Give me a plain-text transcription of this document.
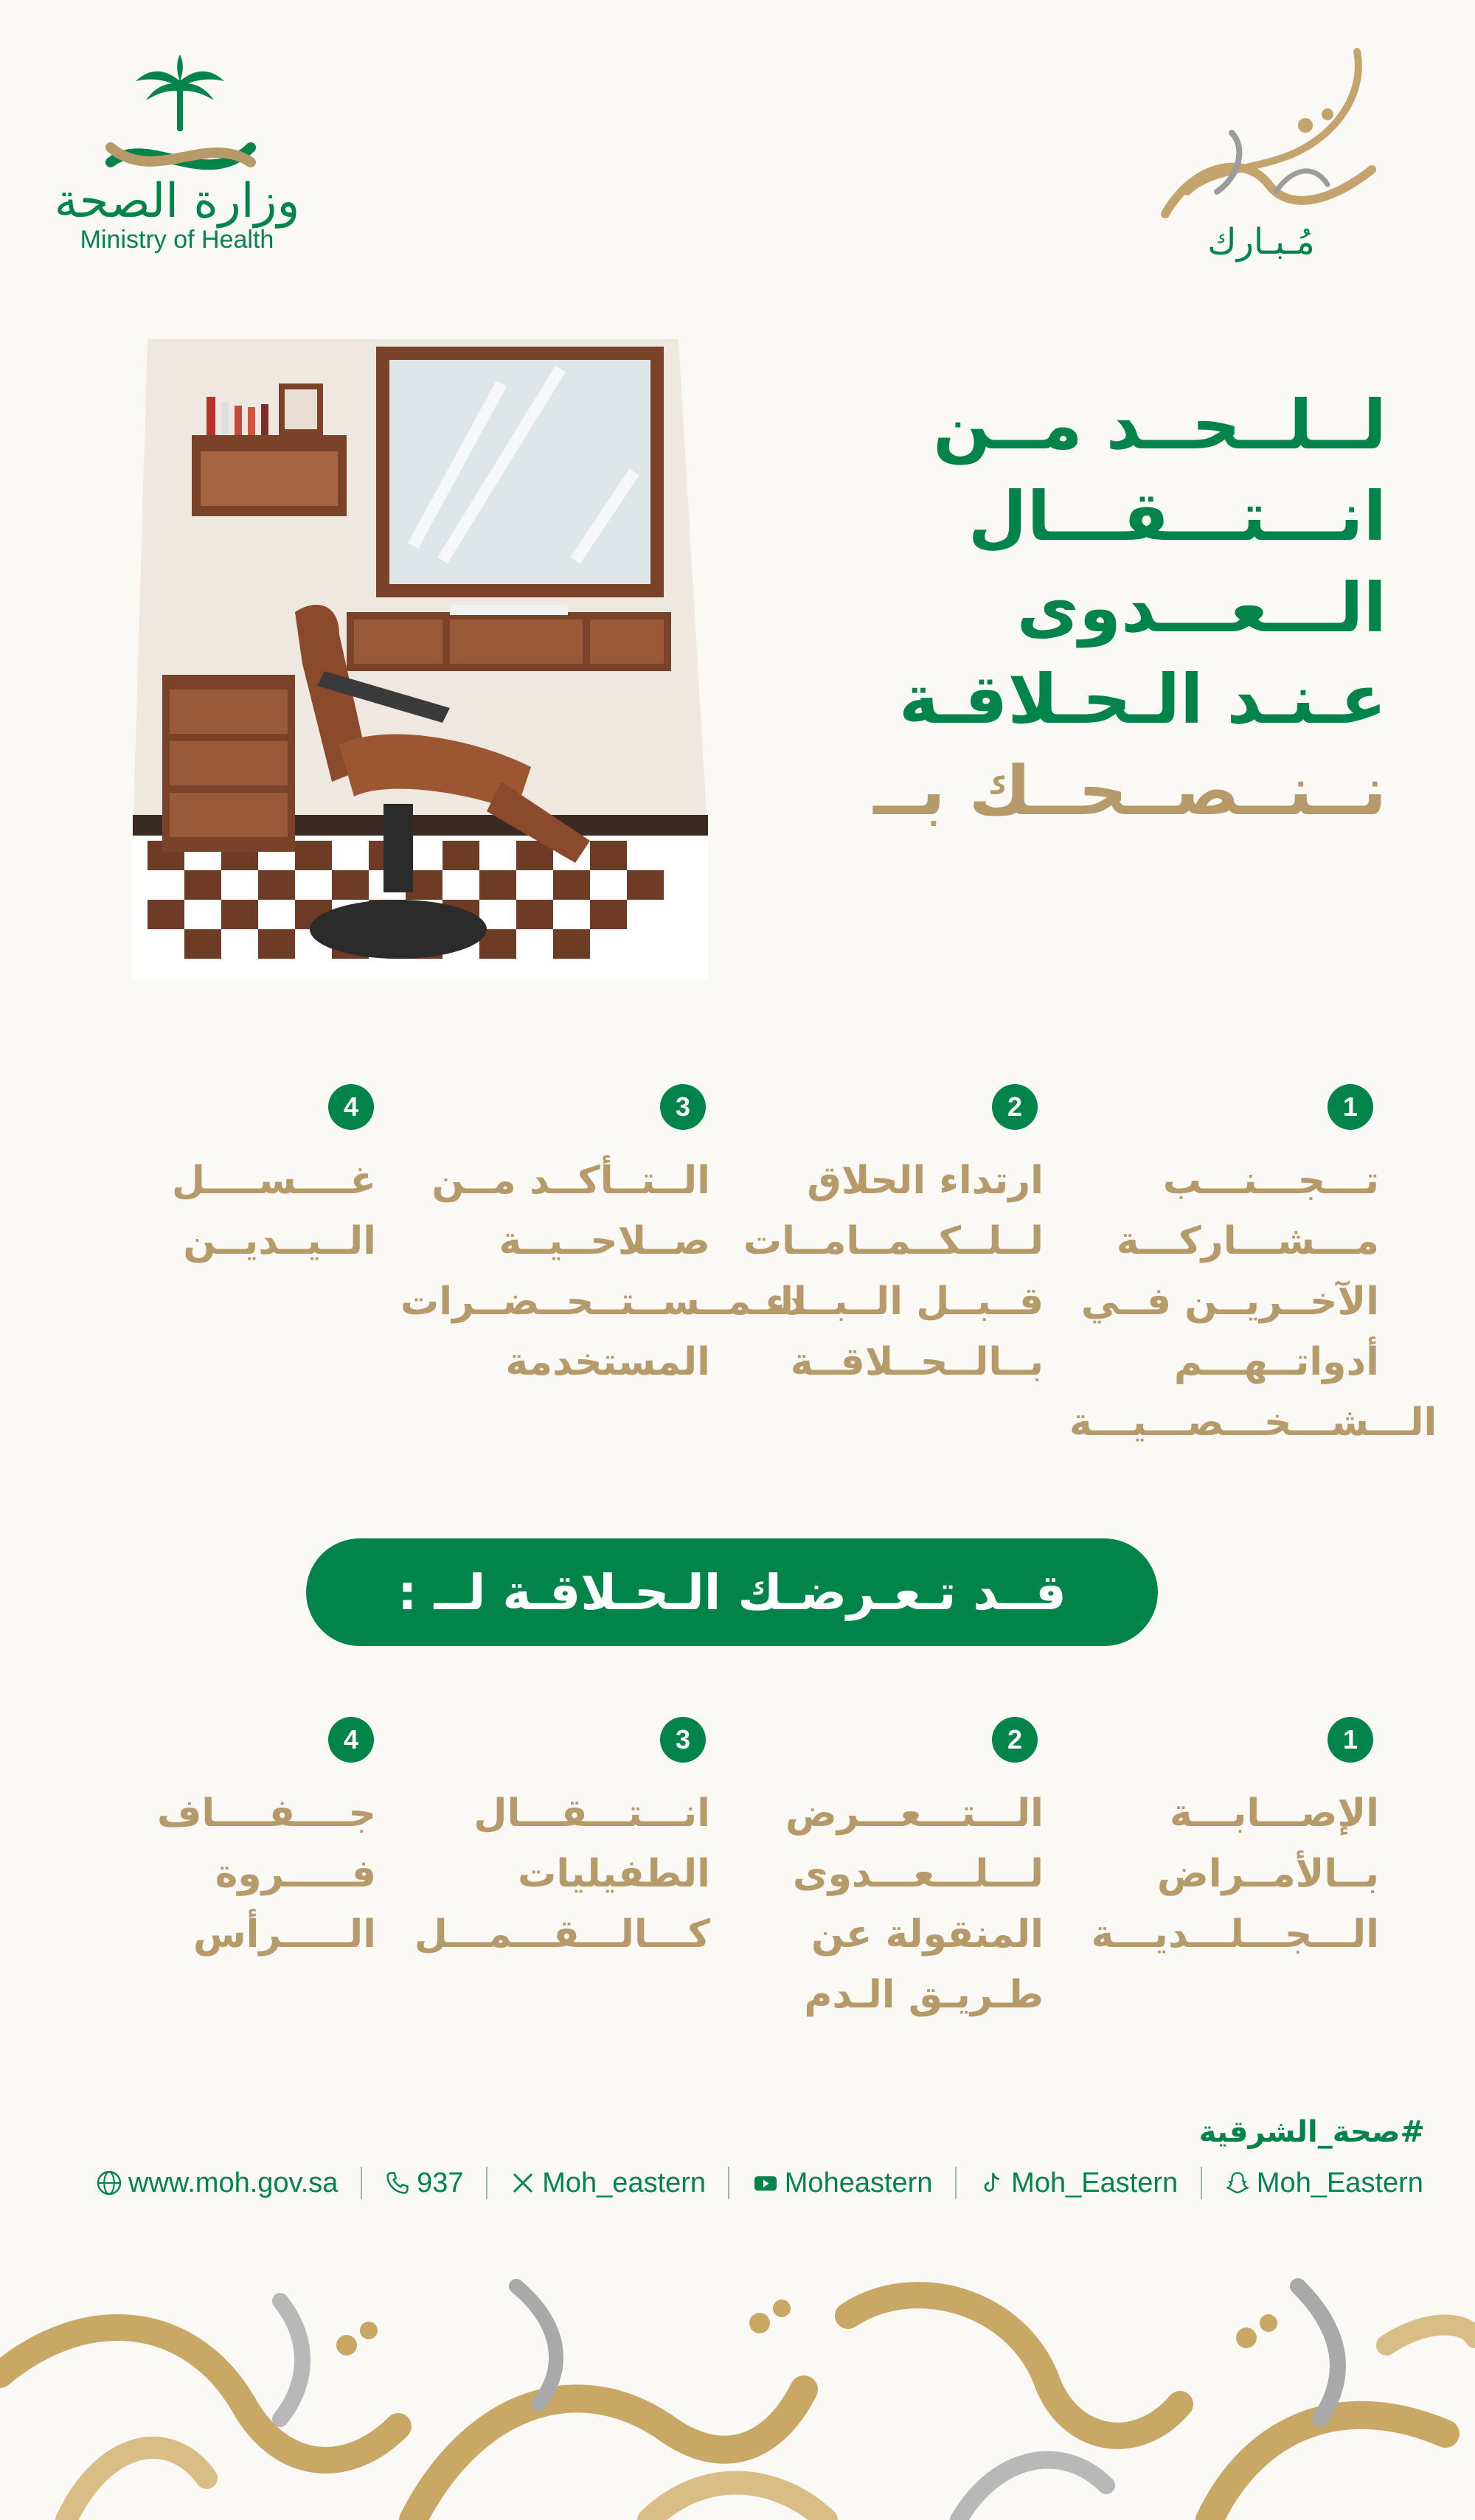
وزارة الصحة
Ministry of Health	مُـبـارك
لــلــحــد مــن
انـــتـــقـــال
الـــعـــدوى
عـنـد الـحـلاقـة
نــنــصــحــك بــ
1
تـــجـــنـــب
مـــشـــاركـــة
الآخــريــن فــي
أدواتــهـــم
الـــشـــخـــصـــيـــة
2
ارتداء الحلاق
لــلــكــمــامــات
قــبــل الــبــدء
بــالــحــلاقــة
3
الــتــأكــد مــن
صــلاحــيــة
الــمــســتــحــضــرات
المستخدمة
4
غــــســــل
الــيــديــن
قــد تـعـرضـك الـحـلاقـة لــ :
1
الإصـــابـــة
بــالأمــراض
الـــجـــلـــديـــة
2
الـــتـــعـــرض
لـــلـــعـــدوى
المنقولة عن
طـريـق الـدم
3
انـــتـــقـــال
الطفيليات
كـــالـــقـــمـــل
4
جــــفــــاف
فـــــروة
الـــــرأس
#صحة_الشرقية
www.moh.gov.sa	937	Moh_eastern	Moheastern	Moh_Eastern	Moh_Eastern
